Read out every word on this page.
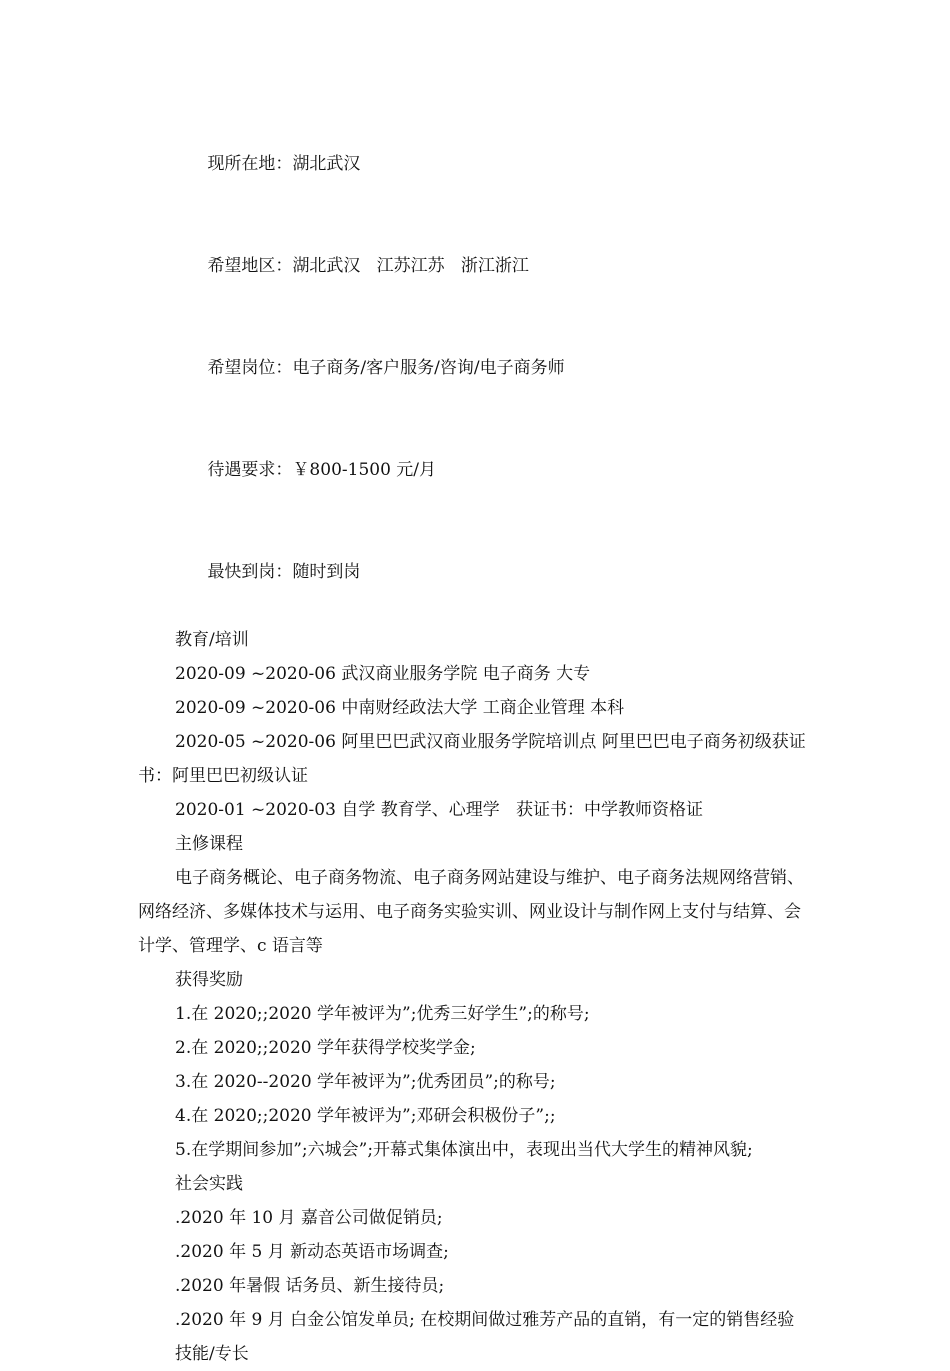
现所在地：湖北武汉

希望地区：湖北武汉   江苏江苏   浙江浙江

希望岗位：电子商务/客户服务/咨询/电子商务师

待遇要求：￥800-1500 元/月

最快到岗：随时到岗

教育/培训
2020-09 ~2020-06 武汉商业服务学院 电子商务 大专
2020-09 ~2020-06 中南财经政法大学 工商企业管理 本科
2020-05 ~2020-06 阿里巴巴武汉商业服务学院培训点 阿里巴巴电子商务初级获证书：阿里巴巴初级认证
2020-01 ~2020-03 自学 教育学、心理学   获证书：中学教师资格证
主修课程
电子商务概论、电子商务物流、电子商务网站建设与维护、电子商务法规网络营销、网络经济、多媒体技术与运用、电子商务实验实训、网业设计与制作网上支付与结算、会计学、管理学、c 语言等
获得奖励
1.在 2020;;2020 学年被评为”;优秀三好学生”;的称号;
2.在 2020;;2020 学年获得学校奖学金;
3.在 2020--2020 学年被评为”;优秀团员”;的称号;
4.在 2020;;2020 学年被评为”;邓研会积极份子”;;
5.在学期间参加”;六城会”;开幕式集体演出中，表现出当代大学生的精神风貌;
社会实践
.2020 年 10 月 嘉音公司做促销员;
.2020 年 5 月 新动态英语市场调查;
.2020 年暑假 话务员、新生接待员;
.2020 年 9 月 白金公馆发单员; 在校期间做过雅芳产品的直销，有一定的销售经验
技能/专长
